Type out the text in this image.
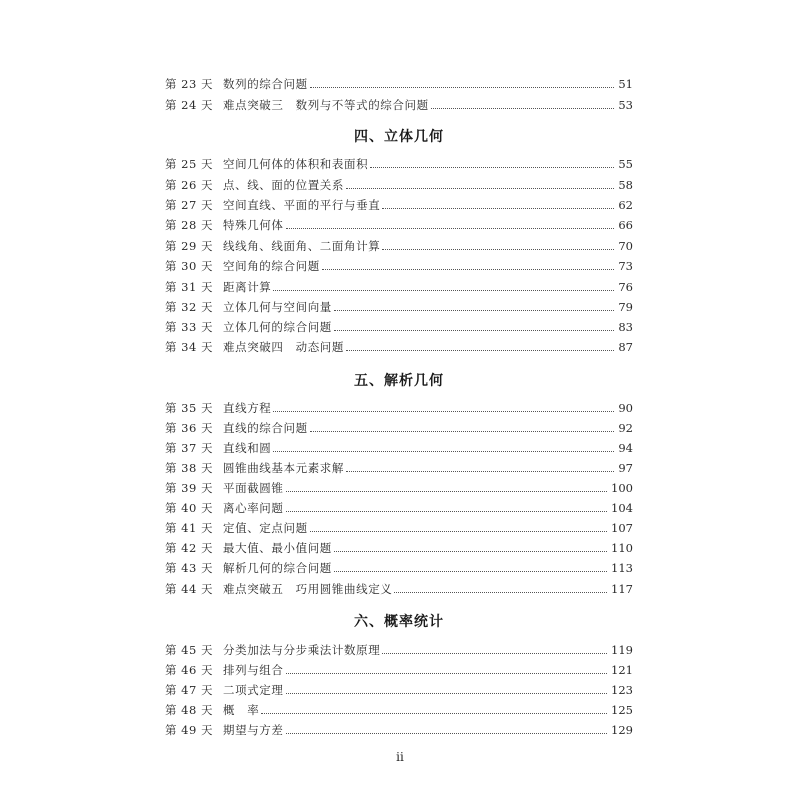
第 23 天 数列的综合问题	51
第 24 天 难点突破三　数列与不等式的综合问题	53
四、立体几何
第 25 天 空间几何体的体积和表面积	55
第 26 天 点、线、面的位置关系	58
第 27 天 空间直线、平面的平行与垂直	62
第 28 天 特殊几何体	66
第 29 天 线线角、线面角、二面角计算	70
第 30 天 空间角的综合问题	73
第 31 天 距离计算	76
第 32 天 立体几何与空间向量	79
第 33 天 立体几何的综合问题	83
第 34 天 难点突破四　动态问题	87
五、解析几何
第 35 天 直线方程	90
第 36 天 直线的综合问题	92
第 37 天 直线和圆	94
第 38 天 圆锥曲线基本元素求解	97
第 39 天 平面截圆锥	100
第 40 天 离心率问题	104
第 41 天 定值、定点问题	107
第 42 天 最大值、最小值问题	110
第 43 天 解析几何的综合问题	113
第 44 天 难点突破五　巧用圆锥曲线定义	117
六、概率统计
第 45 天 分类加法与分步乘法计数原理	119
第 46 天 排列与组合	121
第 47 天 二项式定理	123
第 48 天 概　率	125
第 49 天 期望与方差	129
ii
